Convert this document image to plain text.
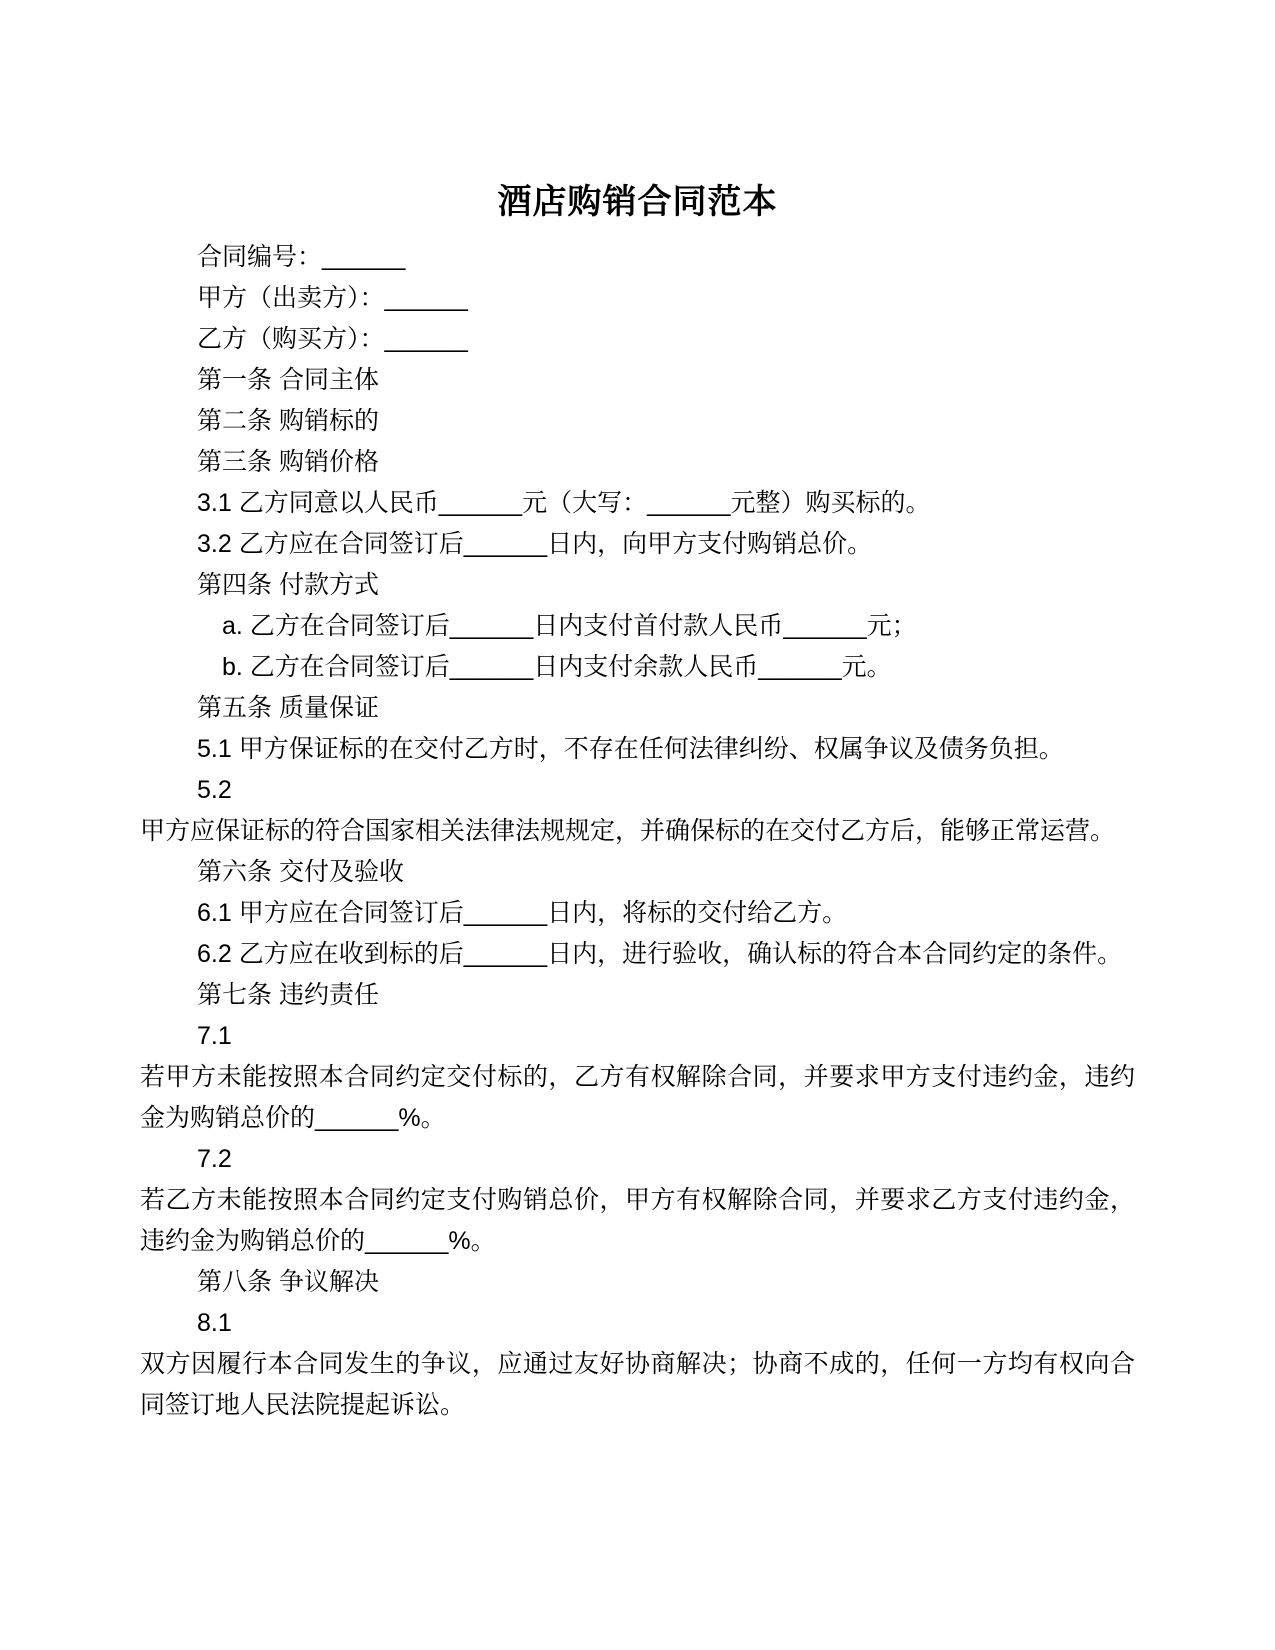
酒店购销合同范本

合同编号：______

甲方（出卖方）：______

乙方（购买方）：______

第一条 合同主体

第二条 购销标的

第三条 购销价格

3.1 乙方同意以人民币______元（大写：______元整）购买标的。

3.2 乙方应在合同签订后______日内，向甲方支付购销总价。

第四条 付款方式

a. 乙方在合同签订后______日内支付首付款人民币______元；

b. 乙方在合同签订后______日内支付余款人民币______元。

第五条 质量保证

5.1 甲方保证标的在交付乙方时，不存在任何法律纠纷、权属争议及债务负担。

5.2

甲方应保证标的符合国家相关法律法规规定，并确保标的在交付乙方后，能够正常运营。

第六条 交付及验收

6.1 甲方应在合同签订后______日内，将标的交付给乙方。

6.2 乙方应在收到标的后______日内，进行验收，确认标的符合本合同约定的条件。

第七条 违约责任

7.1

若甲方未能按照本合同约定交付标的，乙方有权解除合同，并要求甲方支付违约金，违约

金为购销总价的______%。

7.2

若乙方未能按照本合同约定支付购销总价，甲方有权解除合同，并要求乙方支付违约金，

违约金为购销总价的______%。

第八条 争议解决

8.1

双方因履行本合同发生的争议，应通过友好协商解决；协商不成的，任何一方均有权向合

同签订地人民法院提起诉讼。
